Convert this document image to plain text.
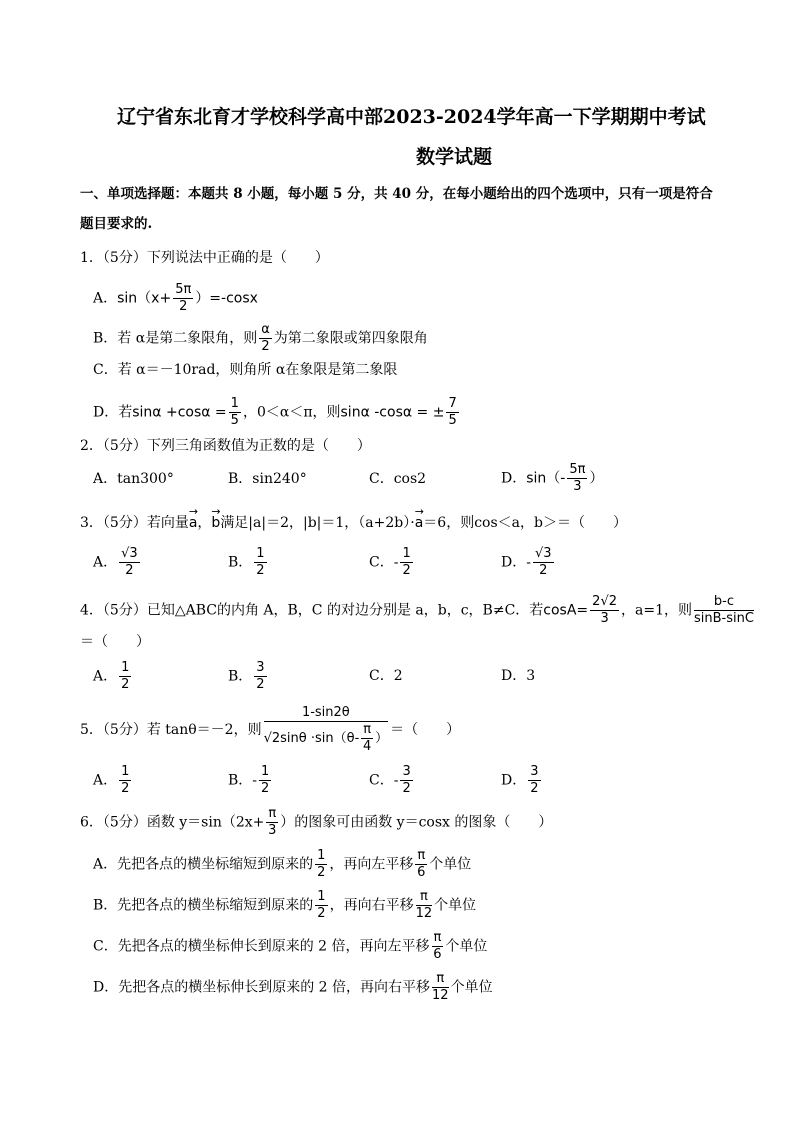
辽宁省东北育才学校科学高中部2023-2024学年高一下学期期中考试
数学试题
一、单项选择题：本题共 8 小题，每小题 5 分，共 40 分，在每小题给出的四个选项中，只有一项是符合
题目要求的.
1．（5分）下列说法中正确的是（　　）
A．$\sin(x+ \frac{5\pi}{2} )=-\cos x$
B．若 α是第二象限角，则 $\frac{\alpha}{2}$ 为第二象限或第四象限角
C．若 α＝－10rad，则角所 α在象限是第二象限
D．若$\sin\alpha +\cos\alpha = \frac{1}{5}$ ，0＜α＜π，则sinα -cosα = ± $\frac{7}{5}$
2．（5分）下列三角函数值为正数的是（　　）
A．tan300°	B．sin240°	C．cos2	D．$\sin(- \frac{5\pi}{3}$ ）
3．（5分）若向量→ a，→ b满足|a|＝2，|b|＝1，（a+2b）·→ a＝6，则cos＜a，b＞＝（　　）
A． $\frac{√3}{2}$	B． $\frac{1}{2}$	C．- $\frac{1}{2}$	D．- $\frac{√3}{2}$
4．（5分）已知△ABC的内角 A，B，C 的对边分别是 a，b，c，B≠C．若$\cos A= \frac{2√2}{3}$ ，a=1，则 $\frac{b-c}{\sin B-\sin C}$
＝（　　）
A． $\frac{1}{2}$	B． $\frac{3}{2}$	C．2	D．3
5．（5分）若 tanθ＝－2，则 $\frac{1-\sin 2\theta}{√2\sin\theta \cdot\sin(\theta- \frac{\pi}{4} )}$ ＝（　　）
A． $\frac{1}{2}$	B．- $\frac{1}{2}$	C．- $\frac{3}{2}$	D． $\frac{3}{2}$
6．（5分）函数 $y=\sin(2x+ \frac{\pi}{3}$ ）的图象可由函数 y＝cosx 的图象（　　）
A．先把各点的横坐标缩短到原来的 $\frac{1}{2}$ ，再向左平移 $\frac{\pi}{6}$ 个单位
B．先把各点的横坐标缩短到原来的 $\frac{1}{2}$ ，再向右平移 $\frac{\pi}{12}$ 个单位
C．先把各点的横坐标伸长到原来的 2 倍，再向左平移 $\frac{\pi}{6}$ 个单位
D．先把各点的横坐标伸长到原来的 2 倍，再向右平移 $\frac{\pi}{12}$ 个单位
